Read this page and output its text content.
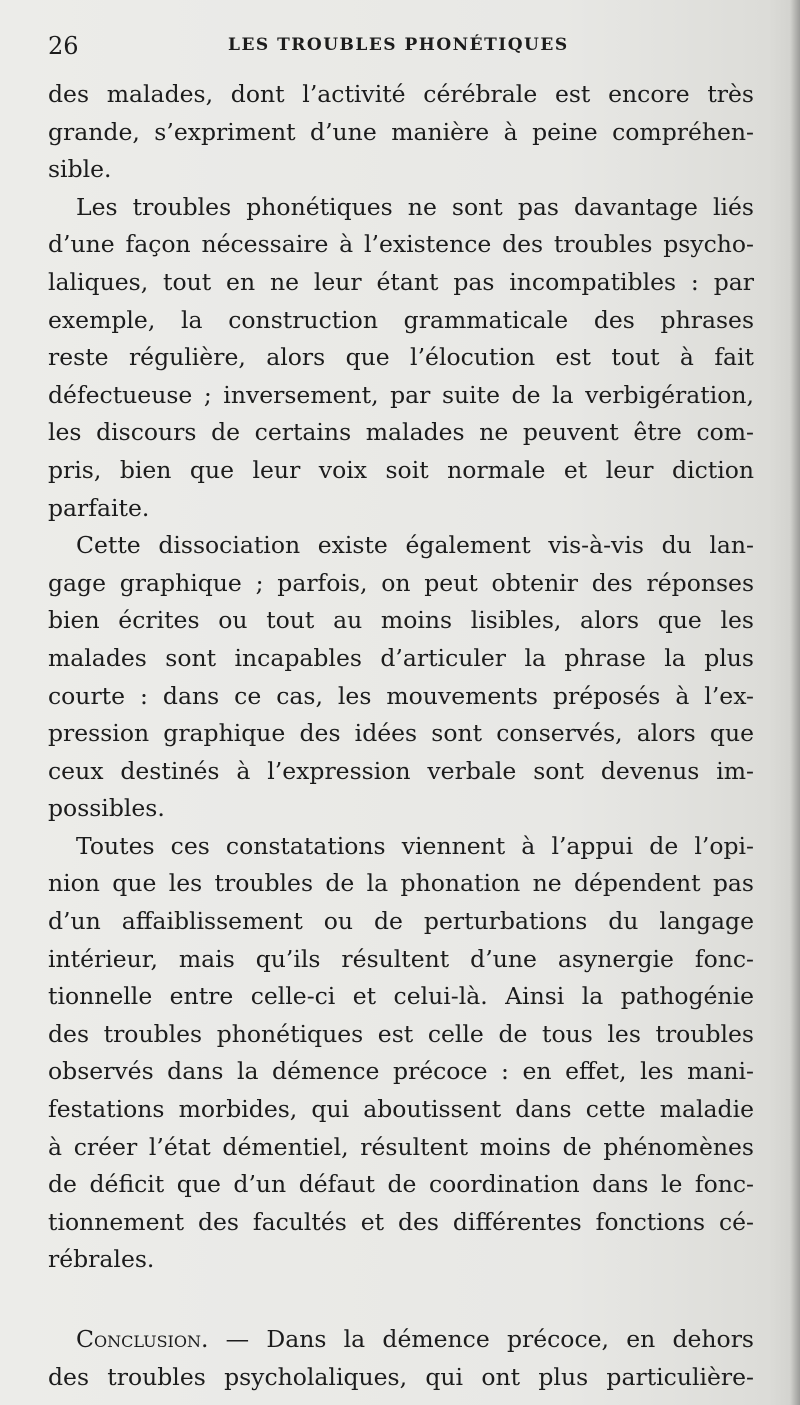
26	LES TROUBLES PHONÉTIQUES
des malades, dont l’activité cérébrale est encore très
grande, s’expriment d’une manière à peine compréhen-
sible.
Les troubles phonétiques ne sont pas davantage liés
d’une façon nécessaire à l’existence des troubles psycho-
laliques, tout en ne leur étant pas incompatibles : par
exemple, la construction grammaticale des phrases
reste régulière, alors que l’élocution est tout à fait
défectueuse ; inversement, par suite de la verbigération,
les discours de certains malades ne peuvent être com-
pris, bien que leur voix soit normale et leur diction
parfaite.
Cette dissociation existe également vis-à-vis du lan-
gage graphique ; parfois, on peut obtenir des réponses
bien écrites ou tout au moins lisibles, alors que les
malades sont incapables d’articuler la phrase la plus
courte : dans ce cas, les mouvements préposés à l’ex-
pression graphique des idées sont conservés, alors que
ceux destinés à l’expression verbale sont devenus im-
possibles.
Toutes ces constatations viennent à l’appui de l’opi-
nion que les troubles de la phonation ne dépendent pas
d’un affaiblissement ou de perturbations du langage
intérieur, mais qu’ils résultent d’une asynergie fonc-
tionnelle entre celle-ci et celui-là. Ainsi la pathogénie
des troubles phonétiques est celle de tous les troubles
observés dans la démence précoce : en effet, les mani-
festations morbides, qui aboutissent dans cette maladie
à créer l’état démentiel, résultent moins de phénomènes
de déficit que d’un défaut de coordination dans le fonc-
tionnement des facultés et des différentes fonctions cé-
rébrales.
Conclusion. — Dans la démence précoce, en dehors
des troubles psycholaliques, qui ont plus particulière-
